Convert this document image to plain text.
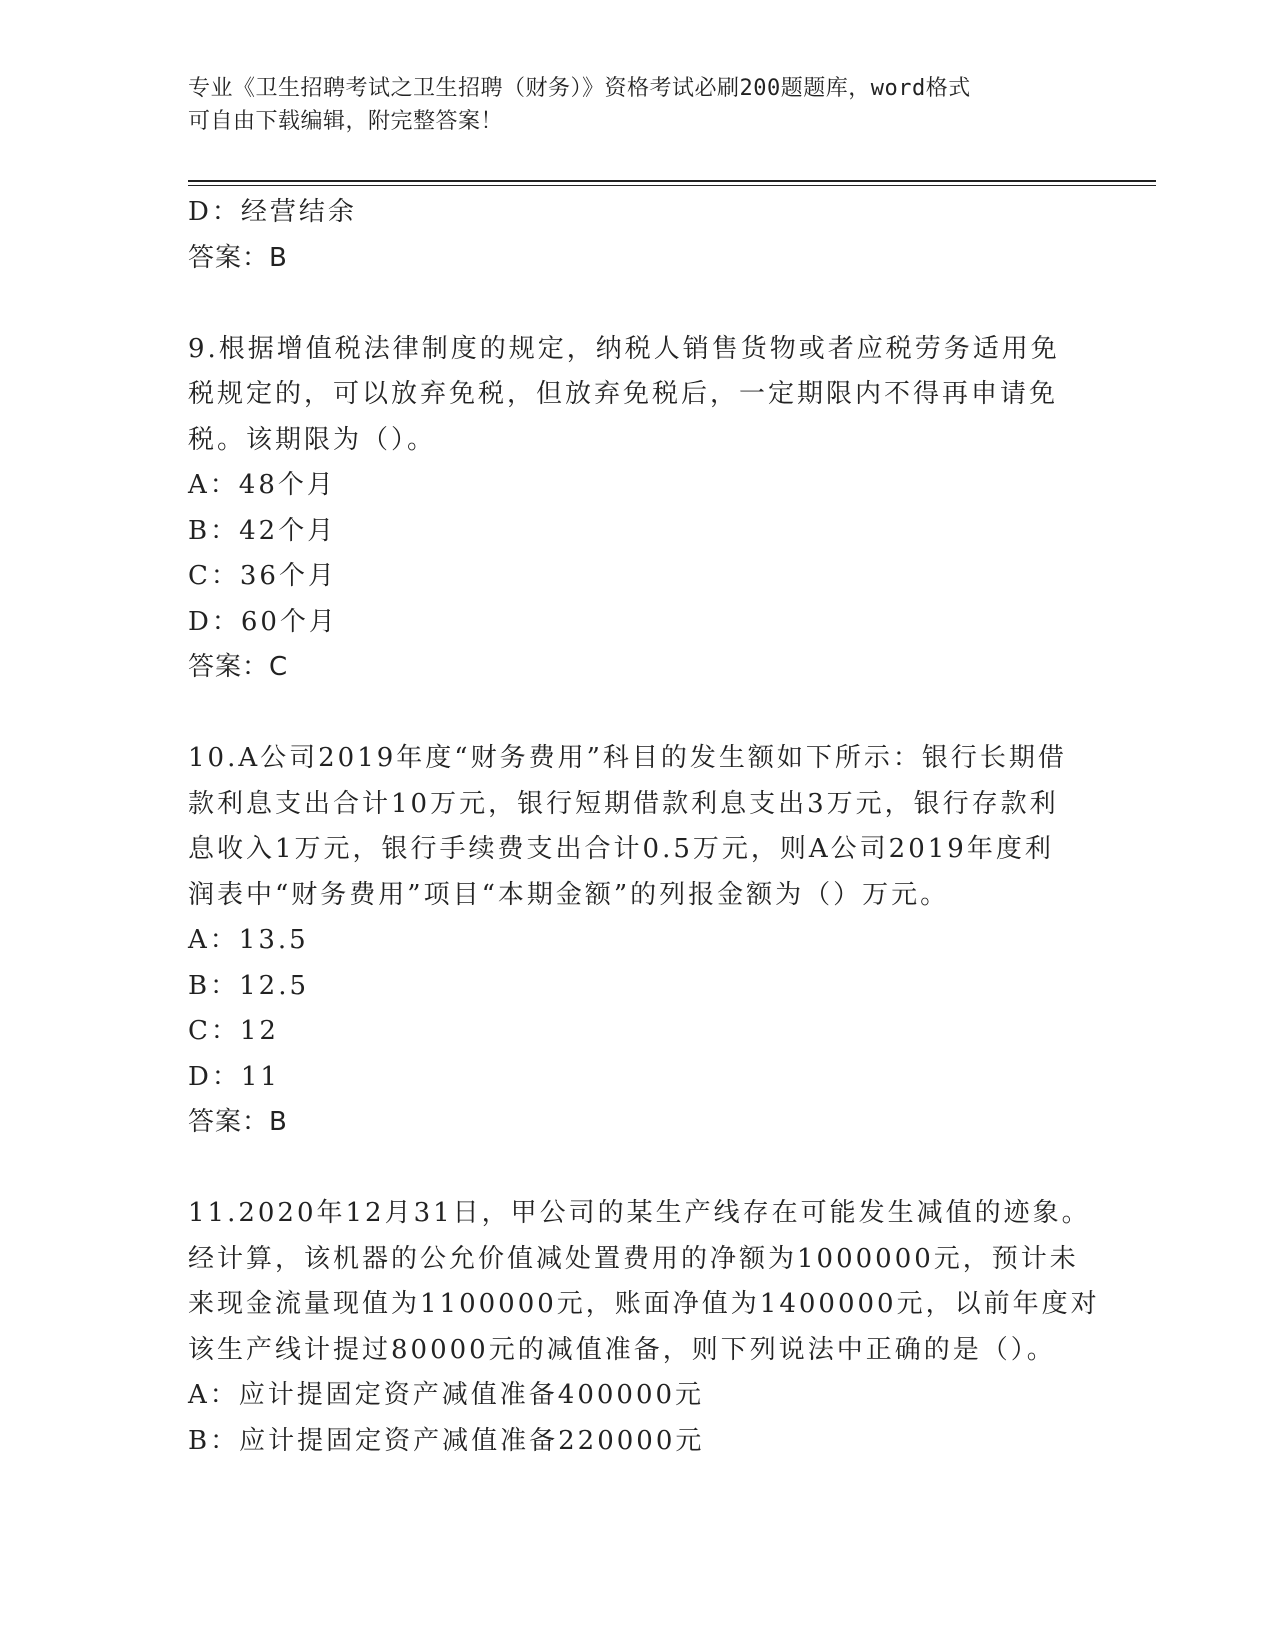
专业《卫生招聘考试之卫生招聘（财务）》资格考试必刷200题题库，word格式
可自由下载编辑，附完整答案！
D：经营结余
答案：B
9.根据增值税法律制度的规定，纳税人销售货物或者应税劳务适用免
税规定的，可以放弃免税，但放弃免税后，一定期限内不得再申请免
税。该期限为（）。
A：48个月
B：42个月
C：36个月
D：60个月
答案：C
10.A公司2019年度“财务费用”科目的发生额如下所示：银行长期借
款利息支出合计10万元，银行短期借款利息支出3万元，银行存款利
息收入1万元，银行手续费支出合计0.5万元，则A公司2019年度利
润表中“财务费用”项目“本期金额”的列报金额为（）万元。
A：13.5
B：12.5
C：12
D：11
答案：B
11.2020年12月31日，甲公司的某生产线存在可能发生减值的迹象。
经计算，该机器的公允价值减处置费用的净额为1000000元，预计未
来现金流量现值为1100000元，账面净值为1400000元，以前年度对
该生产线计提过80000元的减值准备，则下列说法中正确的是（）。
A：应计提固定资产减值准备400000元
B：应计提固定资产减值准备220000元
